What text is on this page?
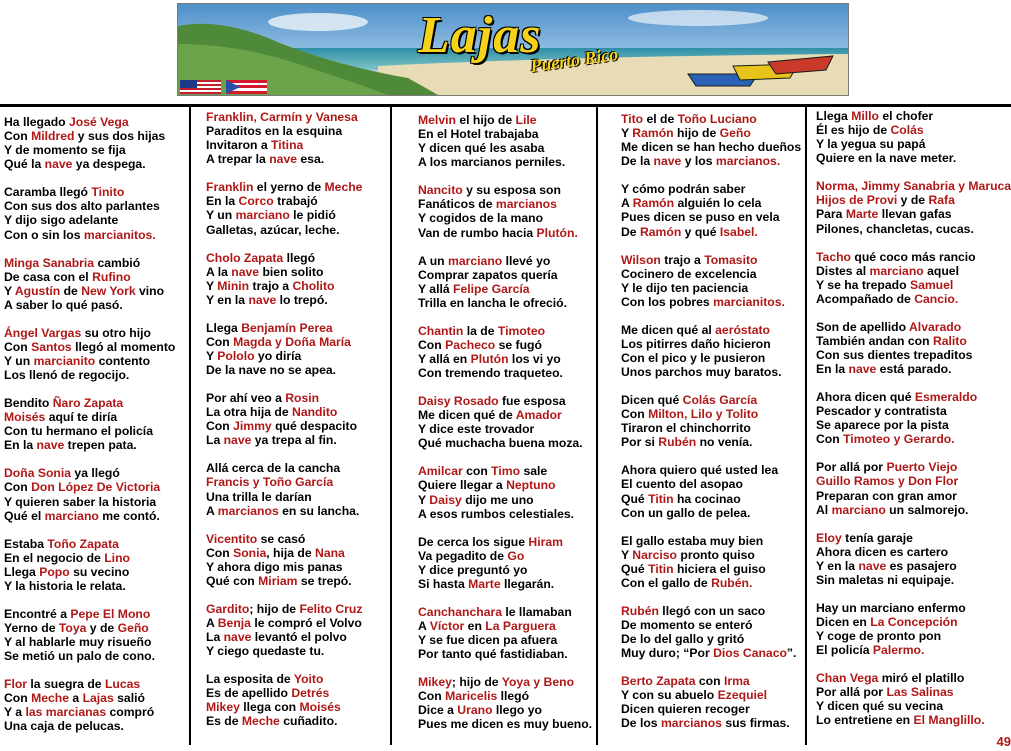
Lajas
Puerto Rico
Ha llegado José Vega
Con Mildred y sus dos hijas
Y de momento se fija
Qué la nave ya despega.
Caramba llegó Tinito
Con sus dos alto parlantes
Y dijo sigo adelante
Con o sin los marcianitos.
Minga Sanabria cambió
De casa con el Rufino
Y Agustín de New York vino
A saber lo qué pasó.
Ángel Vargas su otro hijo
Con Santos llegó al momento
Y un marcianito contento
Los llenó de regocijo.
Bendito Ñaro Zapata
Moisés aquí te diría
Con tu hermano el policía
En la nave trepen pata.
Doña Sonia ya llegó
Con Don López De Victoria
Y quieren saber la historia
Qué el marciano me contó.
Estaba Toño Zapata
En el negocio de Lino
Llega Popo su vecino
Y la historia le relata.
Encontré a Pepe El Mono
Yerno de Toya y de Geño
Y al hablarle muy risueño
Se metió un palo de cono.
Flor la suegra de Lucas
Con Meche a Lajas salió
Y a las marcianas compró
Una caja de pelucas.
Franklin, Carmín y Vanesa
Paraditos en la esquina
Invitaron a Titina
A trepar la nave esa.
Franklin el yerno de Meche
En la Corco trabajó
Y un marciano le pidió
Galletas, azúcar, leche.
Cholo Zapata llegó
A la nave bien solito
Y Minin trajo a Cholito
Y en la nave lo trepó.
Llega Benjamín Perea
Con Magda y Doña María
Y Pololo yo diría
De la nave no se apea.
Por ahí veo a Rosin
La otra hija de Nandito
Con Jimmy qué despacito
La nave ya trepa al fin.
Allá cerca de la cancha
Francis y Toño García
Una trilla le darían
A marcianos en su lancha.
Vicentito se casó
Con Sonia, hija de Nana
Y ahora digo mis panas
Qué con Miriam se trepó.
Gardito; hijo de Felito Cruz
A Benja le compró el Volvo
La nave levantó el polvo
Y ciego quedaste tu.
La esposita de Yoito
Es de apellido Detrés
Mikey llega con Moisés
Es de Meche cuñadito.
Melvin el hijo de Lile
En el Hotel trabajaba
Y dicen qué les asaba
A los marcianos perniles.
Nancito y su esposa son
Fanáticos de marcianos
Y cogidos de la mano
Van de rumbo hacia Plutón.
A un marciano llevé yo
Comprar zapatos quería
Y allá Felipe García
Trilla en lancha le ofreció.
Chantin la de Timoteo
Con Pacheco se fugó
Y allá en Plutón los vi yo
Con tremendo traqueteo.
Daisy Rosado fue esposa
Me dicen qué de Amador
Y dice este trovador
Qué muchacha buena moza.
Amilcar con Timo sale
Quiere llegar a Neptuno
Y Daisy dijo me uno
A esos rumbos celestiales.
De cerca los sigue Hiram
Va pegadito de Go
Y dice preguntó yo
Si hasta Marte llegarán.
Canchanchara le llamaban
A Víctor en La Parguera
Y se fue dicen pa afuera
Por tanto qué fastidiaban.
Mikey; hijo de Yoya y Beno
Con Maricelis llegó
Dice a Urano llego yo
Pues me dicen es muy bueno.
Tito el de Toño Luciano
Y Ramón hijo de Geño
Me dicen se han hecho dueños
De la nave y los marcianos.
Y cómo podrán saber
A Ramón alguién lo cela
Pues dicen se puso en vela
De Ramón y qué Isabel.
Wilson trajo a Tomasito
Cocinero de excelencia
Y le dijo ten paciencia
Con los pobres marcianitos.
Me dicen qué al aeróstato
Los pitirres daño hicieron
Con el pico y le pusieron
Unos parchos muy baratos.
Dicen qué Colás García
Con Milton, Lilo y Tolito
Tiraron el chinchorrito
Por si Rubén no venía.
Ahora quiero qué usted lea
El cuento del asopao
Qué Titin ha cocinao
Con un gallo de pelea.
El gallo estaba muy bien
Y Narciso pronto quiso
Qué Titin hiciera el guiso
Con el gallo de Rubén.
Rubén llegó con un saco
De momento se enteró
De lo del gallo y gritó
Muy duro; “Por Dios Canaco”.
Berto Zapata con Irma
Y con su abuelo Ezequiel
Dicen quieren recoger
De los marcianos sus firmas.
Llega Millo el chofer
Él es hijo de Colás
Y la yegua su papá
Quiere en la nave meter.
Norma, Jimmy Sanabria y Maruca
Hijos de Provi y de Rafa
Para Marte llevan gafas
Pilones, chancletas, cucas.
Tacho qué coco más rancio
Distes al marciano aquel
Y se ha trepado Samuel
Acompañado de Cancio.
Son de apellido Alvarado
También andan con Ralito
Con sus dientes trepaditos
En la nave está parado.
Ahora dicen qué Esmeraldo
Pescador y contratista
Se aparece por la pista
Con Timoteo y Gerardo.
Por allá por Puerto Viejo
Guillo Ramos y Don Flor
Preparan con gran amor
Al marciano un salmorejo.
Eloy tenía garaje
Ahora dicen es cartero
Y en la nave es pasajero
Sin maletas ni equipaje.
Hay un marciano enfermo
Dicen en La Concepción
Y coge de pronto pon
El policía Palermo.
Chan Vega miró el platillo
Por allá por Las Salinas
Y dicen qué su vecina
Lo entretiene en El Manglillo.
49
